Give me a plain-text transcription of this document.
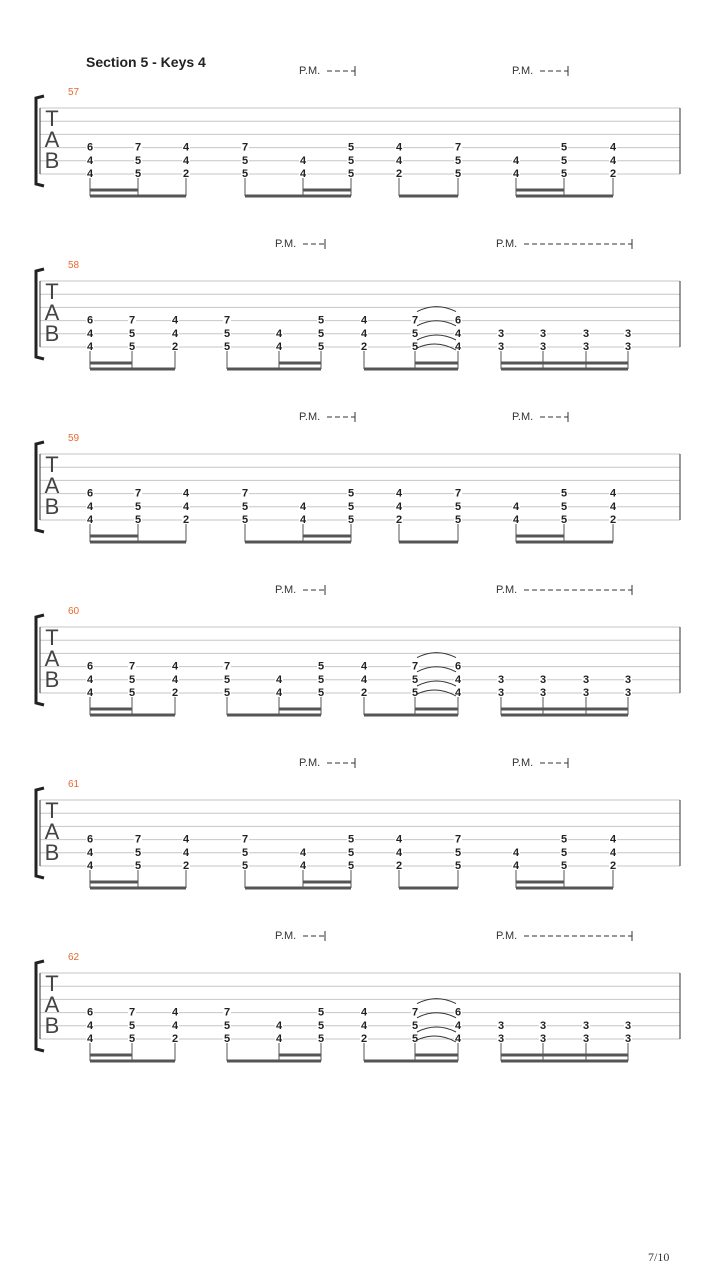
Section 5 - Keys 4
57
T
A
B
6
4
4
7
5
5
4
4
2
7
5
5
4
4
5
5
5
4
4
2
7
5
5
4
4
5
5
5
4
4
2
P.M.	P.M.
58
T
A
B
6
4
4
7
5
5
4
4
2
7
5
5
4
4
5
5
5
4
4
2
7
5
5
6
4
4
3
3
3
3
3
3
3
3
P.M.	P.M.
59
T
A
B
6
4
4
7
5
5
4
4
2
7
5
5
4
4
5
5
5
4
4
2
7
5
5
4
4
5
5
5
4
4
2
P.M.	P.M.
60
T
A
B
6
4
4
7
5
5
4
4
2
7
5
5
4
4
5
5
5
4
4
2
7
5
5
6
4
4
3
3
3
3
3
3
3
3
P.M.	P.M.
61
T
A
B
6
4
4
7
5
5
4
4
2
7
5
5
4
4
5
5
5
4
4
2
7
5
5
4
4
5
5
5
4
4
2
P.M.	P.M.
62
T
A
B
6
4
4
7
5
5
4
4
2
7
5
5
4
4
5
5
5
4
4
2
7
5
5
6
4
4
3
3
3
3
3
3
3
3
P.M.	P.M.
7/10
